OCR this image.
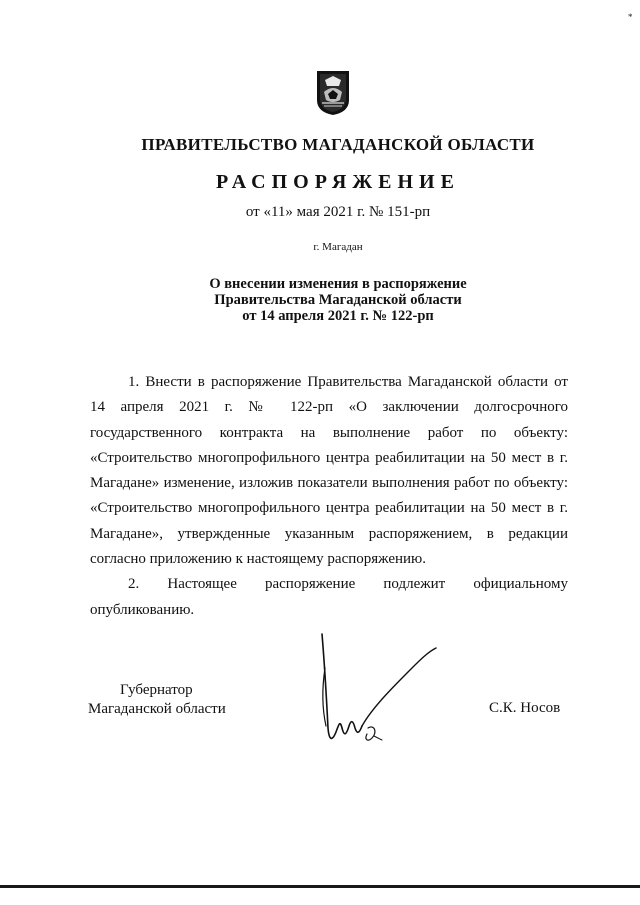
*
ПРАВИТЕЛЬСТВО МАГАДАНСКОЙ ОБЛАСТИ
РАСПОРЯЖЕНИЕ
от «11» мая 2021 г. № 151-рп
г. Магадан
О внесении изменения в распоряжение
Правительства Магаданской области
от 14 апреля 2021 г. № 122-рп

1. Внести в распоряжение Правительства Магаданской области от 14 апреля 2021 г. № 122-рп «О заключении долгосрочного государственного контракта на выполнение работ по объекту: «Строительство многопрофильного центра реабилитации на 50 мест в г. Магадане» изменение, изложив показатели выполнения работ по объекту: «Строительство многопрофильного центра реабилитации на 50 мест в г. Магадане», утвержденные указанным распоряжением, в редакции согласно приложению к настоящему распоряжению.

2. Настоящее распоряжение подлежит официальному опубликованию.

Губернатор
Магаданской области	С.К. Носов
